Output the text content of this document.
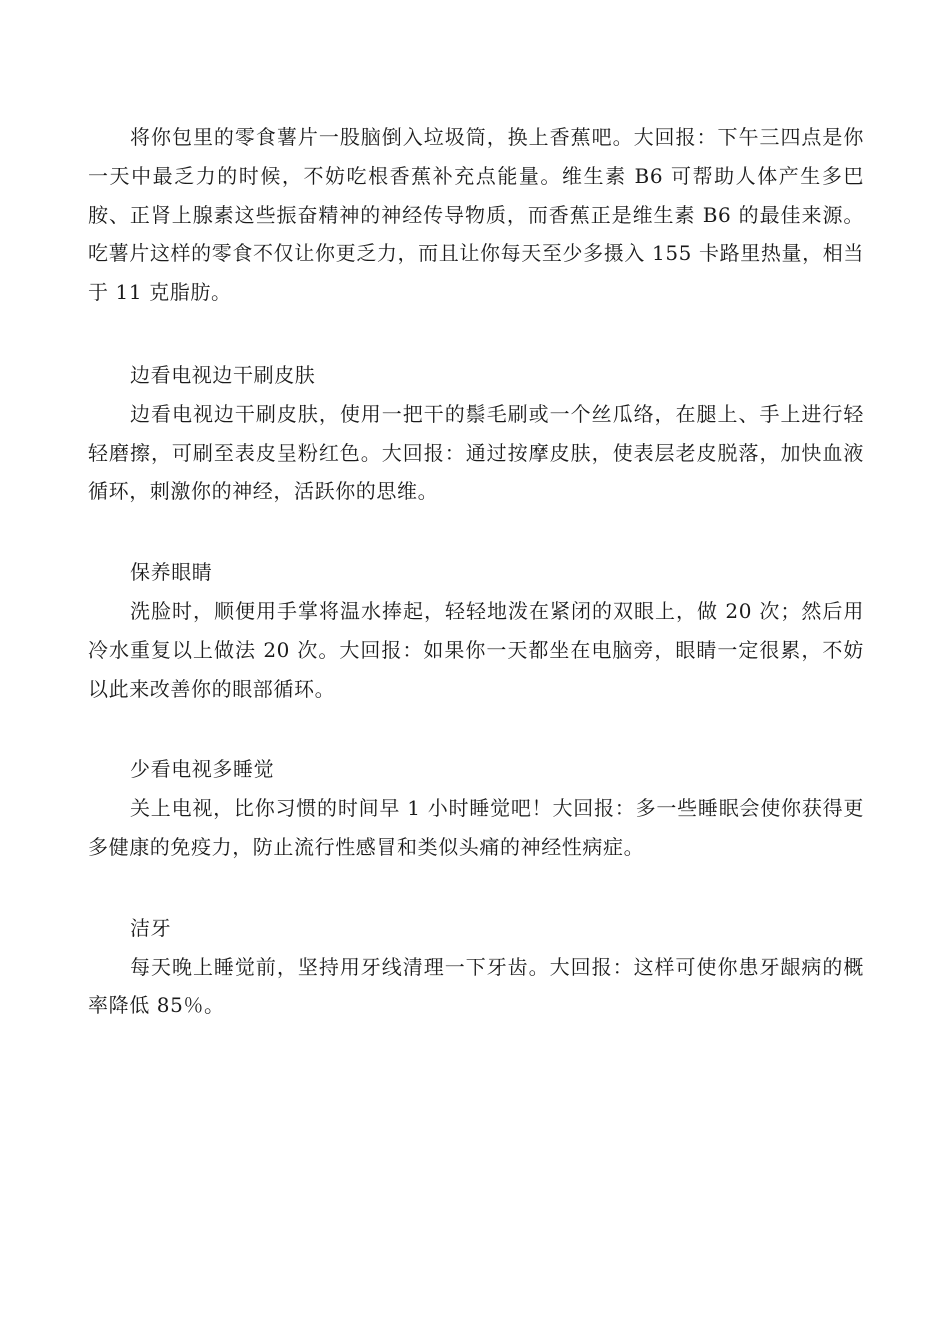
将你包里的零食薯片一股脑倒入垃圾筒，换上香蕉吧。大回报：下午三四点是你一天中最乏力的时候，不妨吃根香蕉补充点能量。维生素 B6 可帮助人体产生多巴胺、正肾上腺素这些振奋精神的神经传导物质，而香蕉正是维生素 B6 的最佳来源。吃薯片这样的零食不仅让你更乏力，而且让你每天至少多摄入 155 卡路里热量，相当于 11 克脂肪。

边看电视边干刷皮肤

边看电视边干刷皮肤，使用一把干的鬃毛刷或一个丝瓜络，在腿上、手上进行轻轻磨擦，可刷至表皮呈粉红色。大回报：通过按摩皮肤，使表层老皮脱落，加快血液循环，刺激你的神经，活跃你的思维。

保养眼睛

洗脸时，顺便用手掌将温水捧起，轻轻地泼在紧闭的双眼上，做 20 次；然后用冷水重复以上做法 20 次。大回报：如果你一天都坐在电脑旁，眼睛一定很累，不妨以此来改善你的眼部循环。

少看电视多睡觉

关上电视，比你习惯的时间早 1 小时睡觉吧！大回报：多一些睡眠会使你获得更多健康的免疫力，防止流行性感冒和类似头痛的神经性病症。

洁牙

每天晚上睡觉前，坚持用牙线清理一下牙齿。大回报：这样可使你患牙龈病的概率降低 85％。
